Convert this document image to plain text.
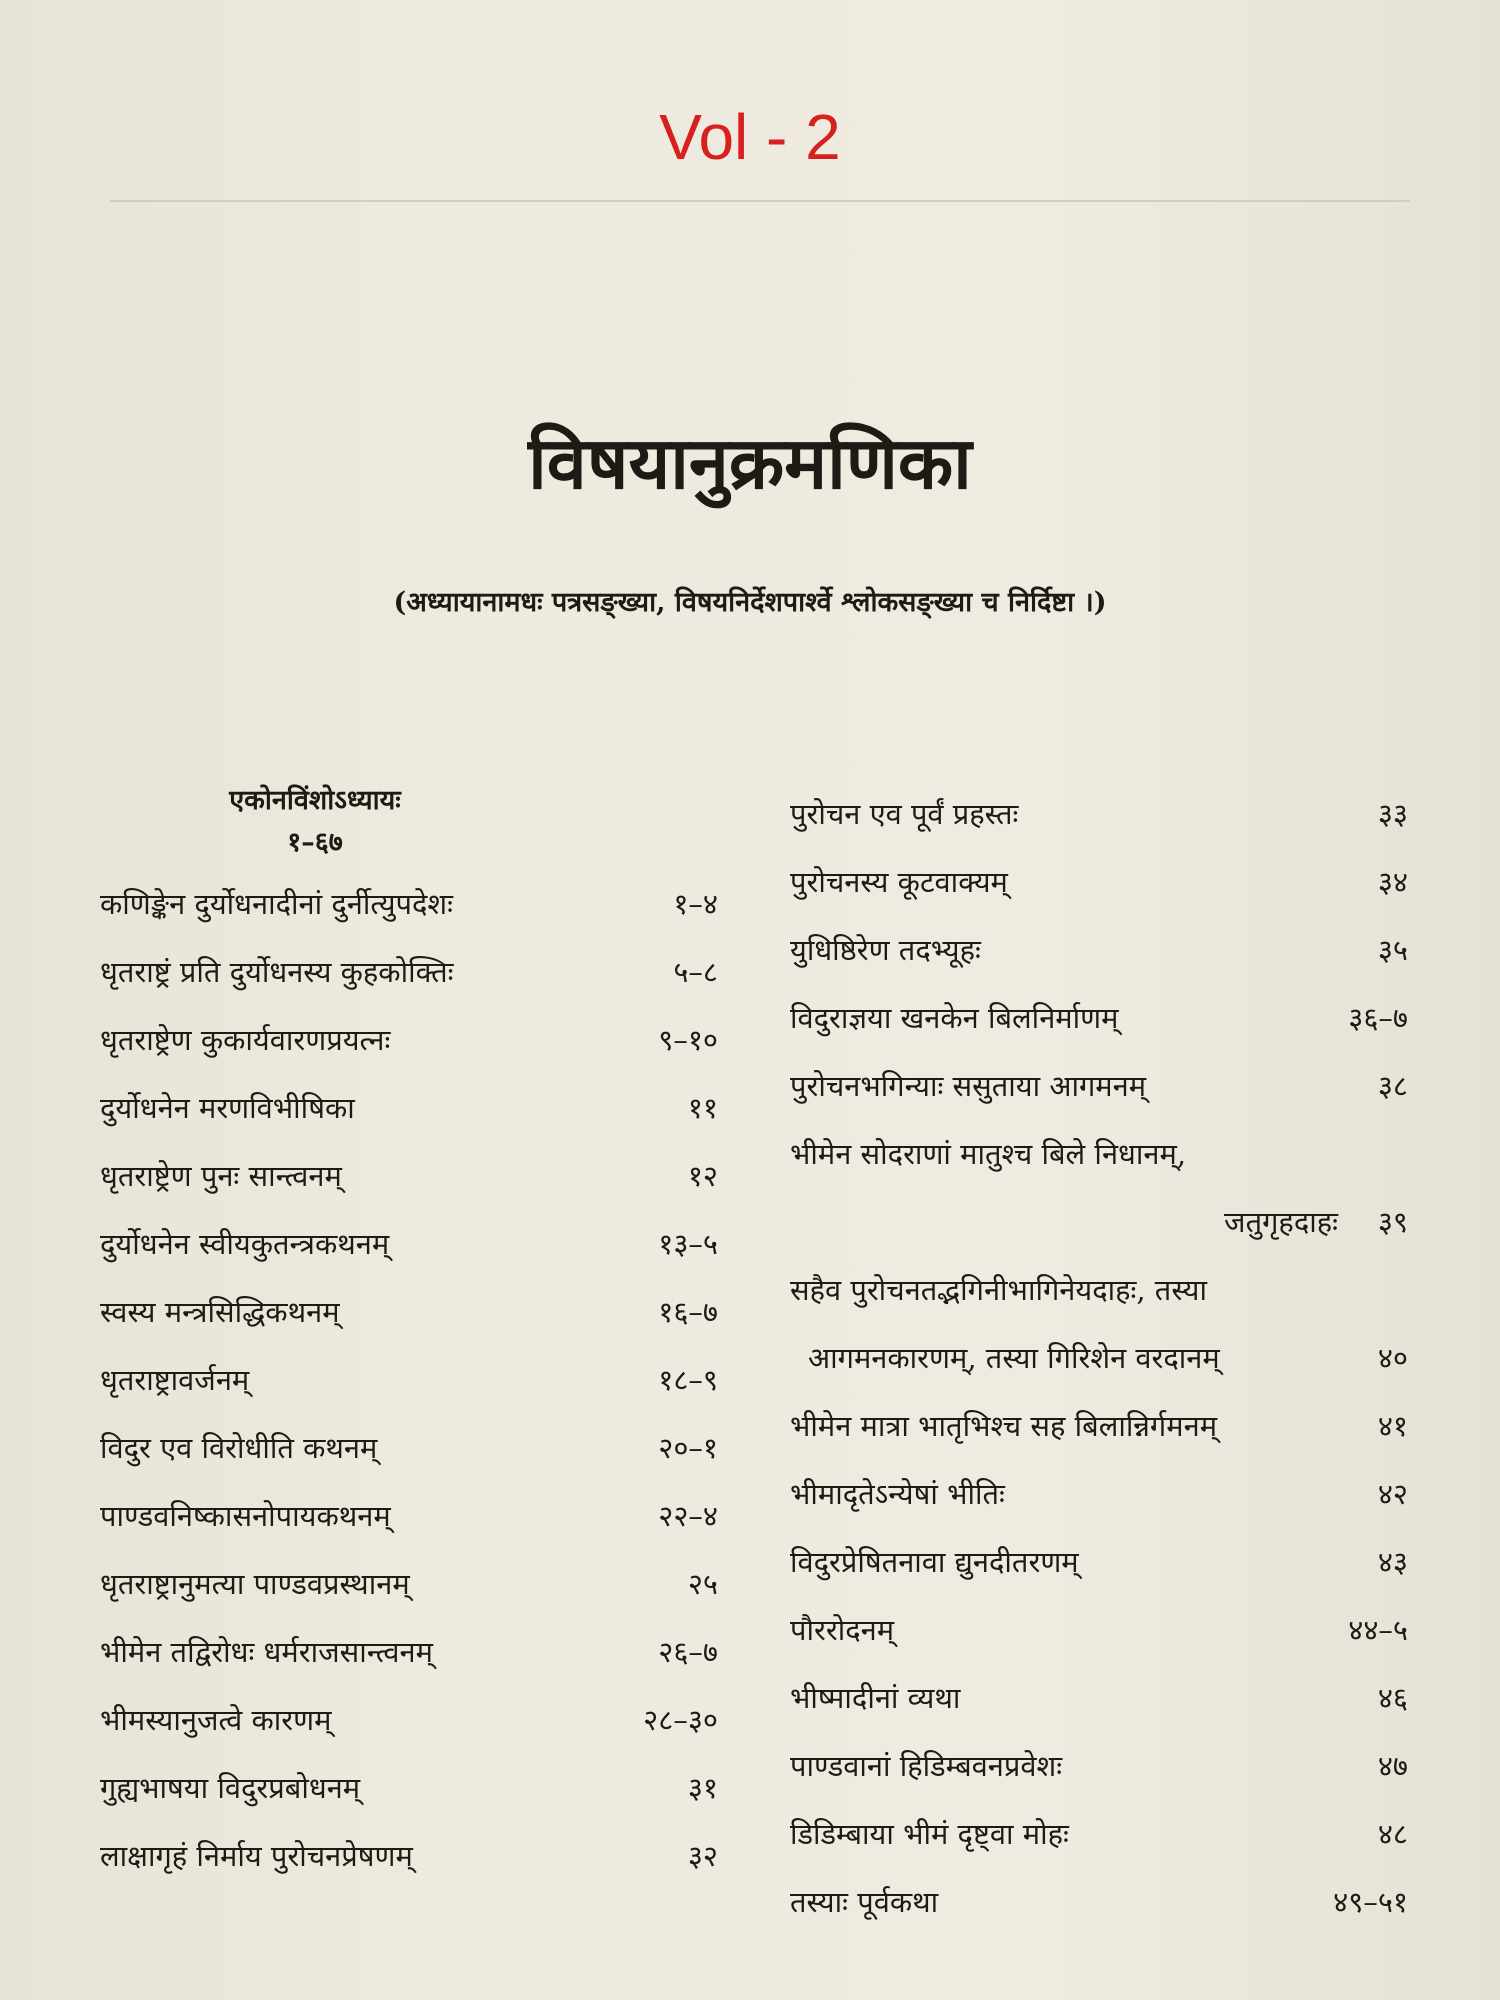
Vol - 2
विषयानुक्रमणिका
(अध्यायानामधः पत्रसङ्ख्या, विषयनिर्देशपार्श्वे श्लोकसङ्ख्या च निर्दिष्टा ।)
एकोनविंशोऽध्यायः
१–६७
कणिङ्केन दुर्योधनादीनां दुर्नीत्युपदेशः	१–४
धृतराष्ट्रं प्रति दुर्योधनस्य कुहकोक्तिः	५–८
धृतराष्ट्रेण कुकार्यवारणप्रयत्नः	९–१०
दुर्योधनेन मरणविभीषिका	११
धृतराष्ट्रेण पुनः सान्त्वनम्	१२
दुर्योधनेन स्वीयकुतन्त्रकथनम्	१३–५
स्वस्य मन्त्रसिद्धिकथनम्	१६–७
धृतराष्ट्रावर्जनम्	१८–९
विदुर एव विरोधीति कथनम्	२०–१
पाण्डवनिष्कासनोपायकथनम्	२२–४
धृतराष्ट्रानुमत्या पाण्डवप्रस्थानम्	२५
भीमेन तद्विरोधः धर्मराजसान्त्वनम्	२६–७
भीमस्यानुजत्वे कारणम्	२८–३०
गुह्यभाषया विदुरप्रबोधनम्	३१
लाक्षागृहं निर्माय पुरोचनप्रेषणम्	३२
पुरोचन एव पूर्वं प्रहस्तः	३३
पुरोचनस्य कूटवाक्यम्	३४
युधिष्ठिरेण तदभ्यूहः	३५
विदुराज्ञया खनकेन बिलनिर्माणम्	३६–७
पुरोचनभगिन्याः ससुताया आगमनम्	३८
भीमेन सोदराणां मातुश्च बिले निधानम्,
जतुगृहदाहः ३९
सहैव पुरोचनतद्भगिनीभागिनेयदाहः, तस्या
आगमनकारणम्, तस्या गिरिशेन वरदानम्	४०
भीमेन मात्रा भातृभिश्च सह बिलान्निर्गमनम्	४१
भीमादृतेऽन्येषां भीतिः	४२
विदुरप्रेषितनावा द्युनदीतरणम्	४३
पौररोदनम्	४४–५
भीष्मादीनां व्यथा	४६
पाण्डवानां हिडिम्बवनप्रवेशः	४७
डिडिम्बाया भीमं दृष्ट्वा मोहः	४८
तस्याः पूर्वकथा	४९–५१
